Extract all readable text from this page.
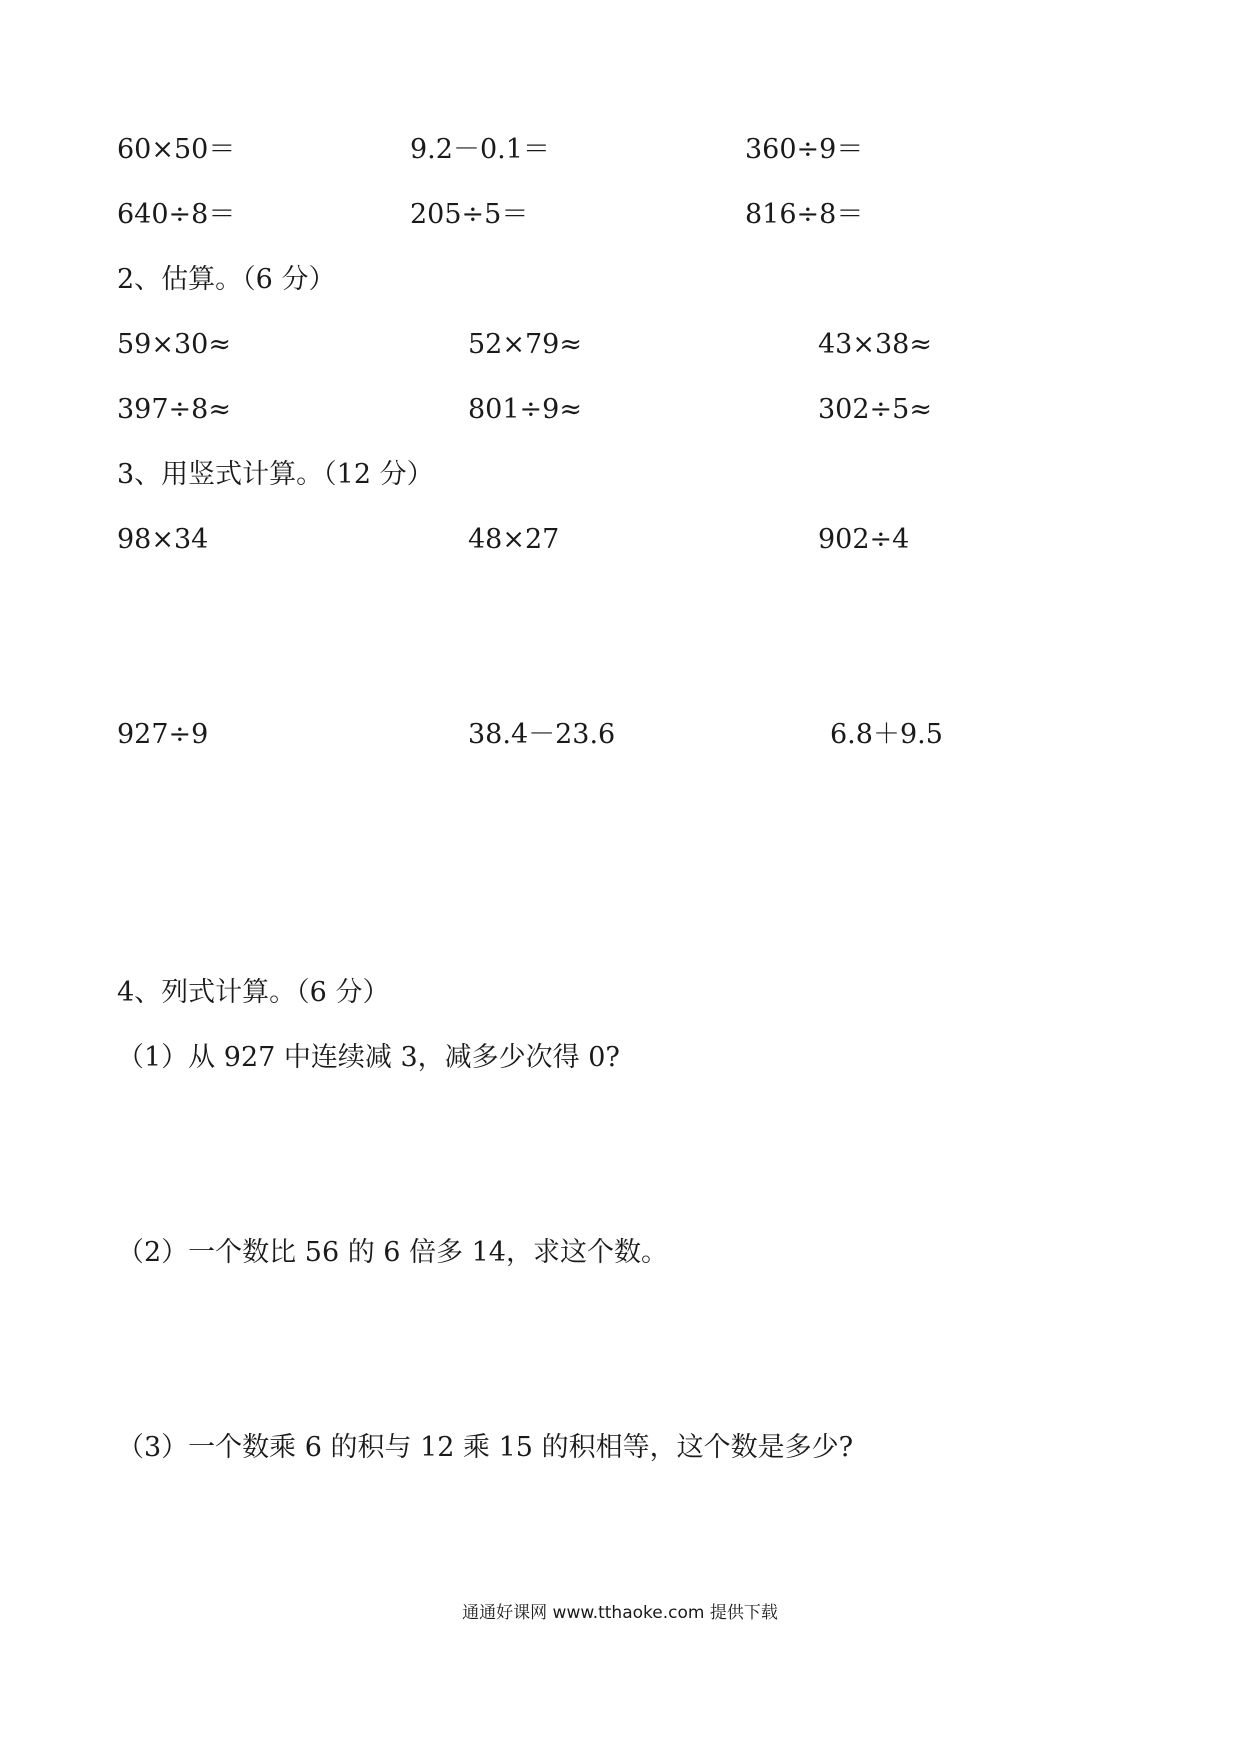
60×50＝	9.2－0.1＝	360÷9＝
640÷8＝	205÷5＝	816÷8＝
2、估算。（6 分）
59×30≈	52×79≈	43×38≈
397÷8≈	801÷9≈	302÷5≈
3、用竖式计算。（12 分）
98×34	48×27	902÷4
927÷9	38.4－23.6	6.8＋9.5
4、列式计算。（6 分）
（1）从 927 中连续减 3，减多少次得 0?
（2）一个数比 56 的 6 倍多 14，求这个数。
（3）一个数乘 6 的积与 12 乘 15 的积相等，这个数是多少?
通通好课网 www.tthaoke.com 提供下载
